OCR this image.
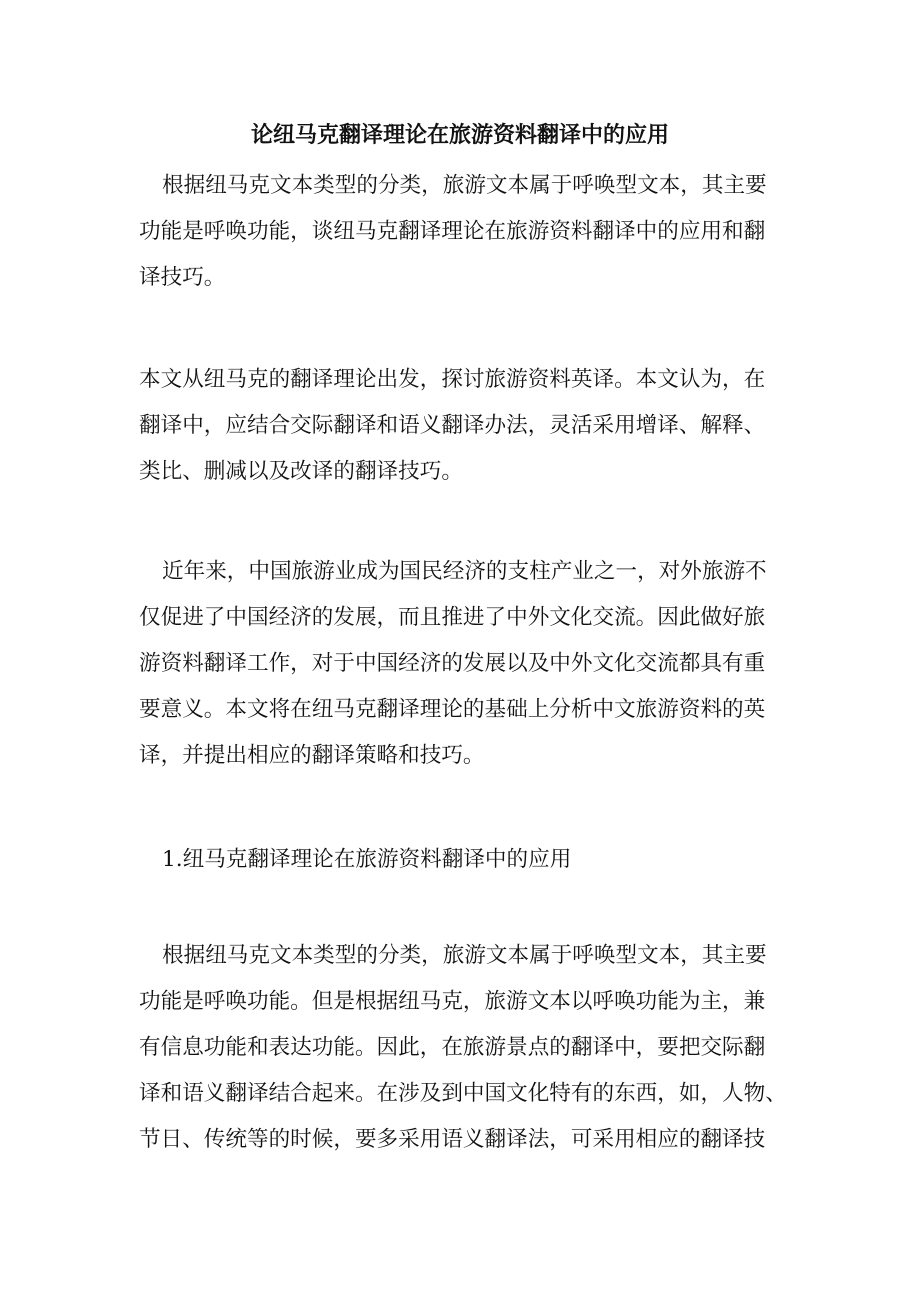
论纽马克翻译理论在旅游资料翻译中的应用
根据纽马克文本类型的分类，旅游文本属于呼唤型文本，其主要
功能是呼唤功能，谈纽马克翻译理论在旅游资料翻译中的应用和翻
译技巧。
本文从纽马克的翻译理论出发，探讨旅游资料英译。本文认为，在
翻译中，应结合交际翻译和语义翻译办法，灵活采用增译、解释、
类比、删减以及改译的翻译技巧。
近年来，中国旅游业成为国民经济的支柱产业之一，对外旅游不
仅促进了中国经济的发展，而且推进了中外文化交流。因此做好旅
游资料翻译工作，对于中国经济的发展以及中外文化交流都具有重
要意义。本文将在纽马克翻译理论的基础上分析中文旅游资料的英
译，并提出相应的翻译策略和技巧。
1.纽马克翻译理论在旅游资料翻译中的应用
根据纽马克文本类型的分类，旅游文本属于呼唤型文本，其主要
功能是呼唤功能。但是根据纽马克，旅游文本以呼唤功能为主，兼
有信息功能和表达功能。因此，在旅游景点的翻译中，要把交际翻
译和语义翻译结合起来。在涉及到中国文化特有的东西，如，人物、
节日、传统等的时候，要多采用语义翻译法，可采用相应的翻译技
